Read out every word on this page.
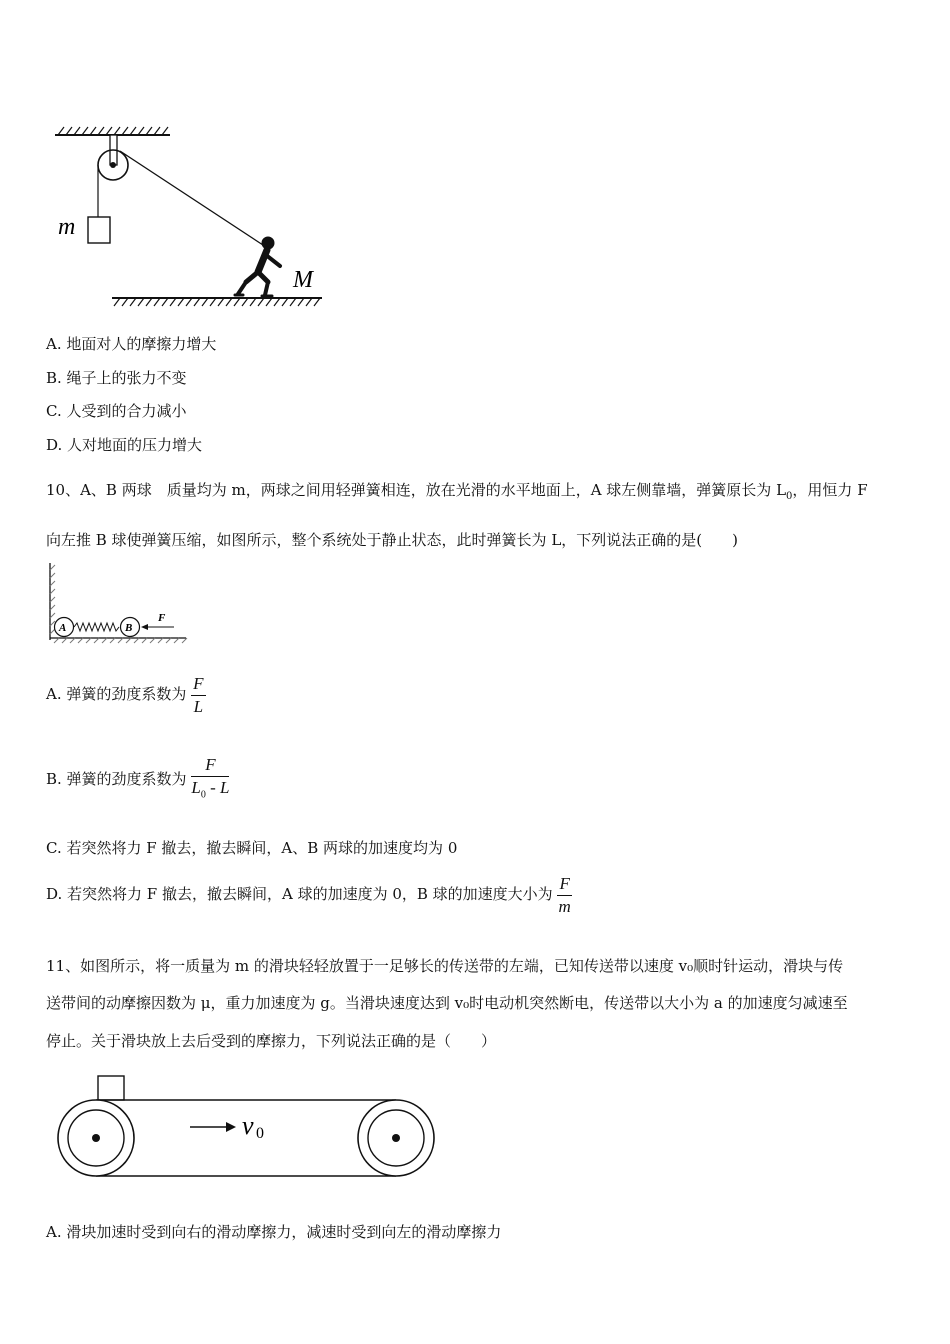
m
M
A. 地面对人的摩擦力增大
B. 绳子上的张力不变
C. 人受到的合力减小
D. 人对地面的压力增大
10、A、B 两球　质量均为 m，两球之间用轻弹簧相连，放在光滑的水平地面上，A 球左侧靠墙，弹簧原长为 $L_0$，用恒力 F
向左推 B 球使弹簧压缩，如图所示，整个系统处于静止状态，此时弹簧长为 L，下列说法正确的是(　　)
A	B
F
A. 弹簧的劲度系数为 $\frac{F}{L}$
B. 弹簧的劲度系数为 $\frac{F}{L_0 - L}$
C. 若突然将力 F 撤去，撤去瞬间，A、B 两球的加速度均为 0
D. 若突然将力 F 撤去，撤去瞬间，A 球的加速度为 0，B 球的加速度大小为 $\frac{F}{m}$
11、如图所示，将一质量为 m 的滑块轻轻放置于一足够长的传送带的左端，已知传送带以速度 v₀顺时针运动，滑块与传
送带间的动摩擦因数为 μ，重力加速度为 g。当滑块速度达到 v₀时电动机突然断电，传送带以大小为 a 的加速度匀减速至
停止。关于滑块放上去后受到的摩擦力，下列说法正确的是（　　）
v 0
A. 滑块加速时受到向右的滑动摩擦力，减速时受到向左的滑动摩擦力
